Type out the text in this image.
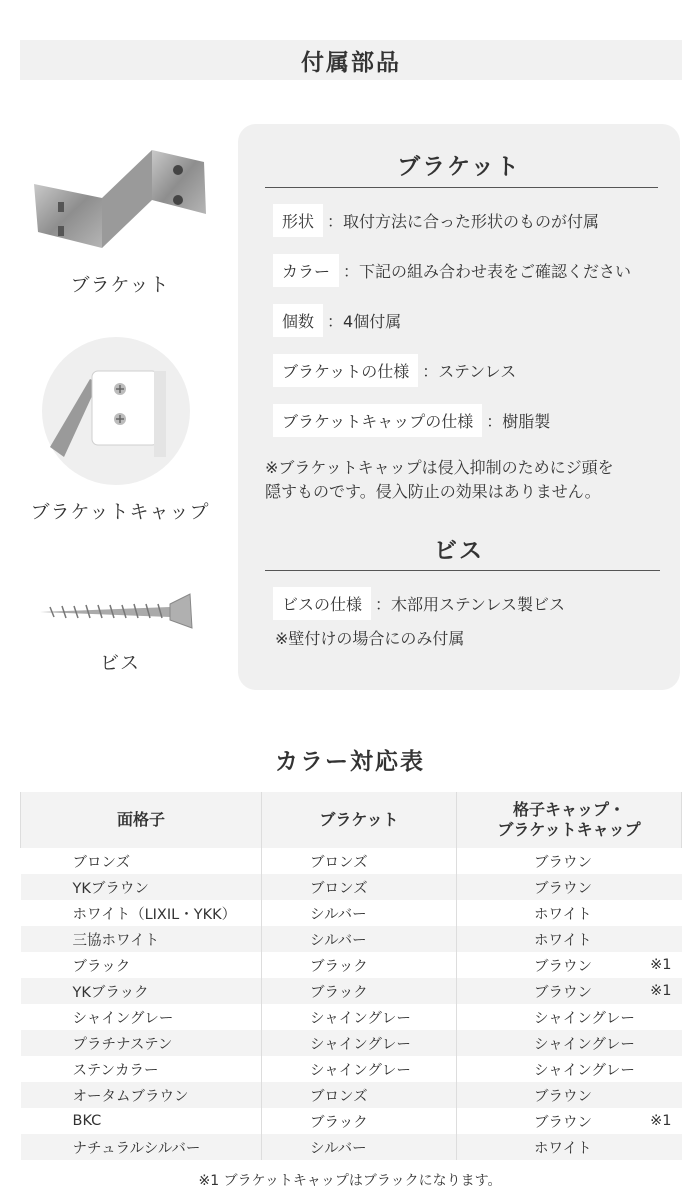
付属部品
ブラケット
ブラケットキャップ
ビス
ブラケット
形状 ：取付方法に合った形状のものが付属
カラー ：下記の組み合わせ表をご確認ください
個数 ：4個付属
ブラケットの仕様 ：ステンレス
ブラケットキャップの仕様 ：樹脂製
※ブラケットキャップは侵入抑制のためにジ頭を
隠すものです。侵入防止の効果はありません。
ビス
ビスの仕様 ：木部用ステンレス製ビス
※壁付けの場合にのみ付属
カラー対応表
面格子	ブラケット	格子キャップ・
ブラケットキャップ

ブロンズ	ブロンズ	ブラウン

YKブラウン	ブロンズ	ブラウン

ホワイト（LIXIL・YKK）	シルバー	ホワイト

三協ホワイト	シルバー	ホワイト

ブラック	ブラック	ブラウン ※1

YKブラック	ブラック	ブラウン ※1

シャイングレー	シャイングレー	シャイングレー

プラチナステン	シャイングレー	シャイングレー

ステンカラー	シャイングレー	シャイングレー

オータムブラウン	ブロンズ	ブラウン

BKC	ブラック	ブラウン ※1

ナチュラルシルバー	シルバー	ホワイト
※1 ブラケットキャップはブラックになります。
